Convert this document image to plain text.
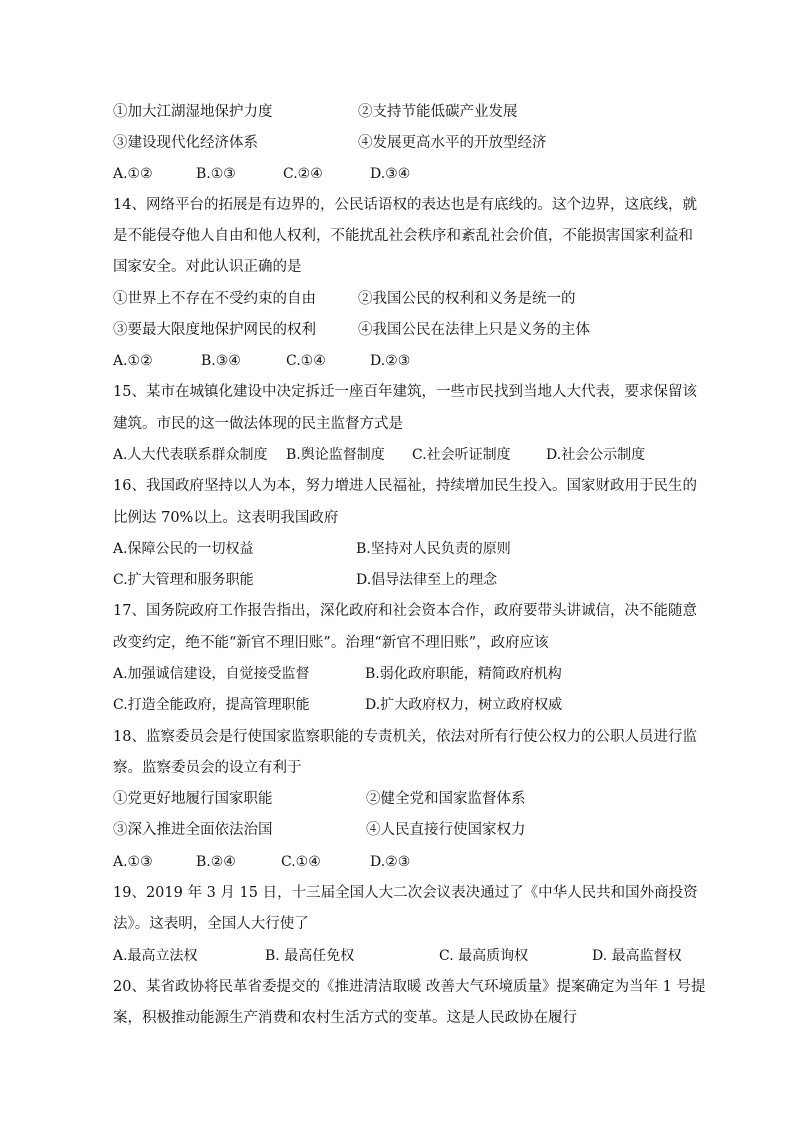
①加大江湖湿地保护力度	②支持节能低碳产业发展
③建设现代化经济体系	④发展更高水平的开放型经济
A.①②	B.①③	C.②④	D.③④
14、网络平台的拓展是有边界的，公民话语权的表达也是有底线的。这个边界，这底线，就
是不能侵夺他人自由和他人权利，不能扰乱社会秩序和紊乱社会价值，不能损害国家利益和
国家安全。对此认识正确的是
①世界上不存在不受约束的自由	②我国公民的权利和义务是统一的
③要最大限度地保护网民的权利	④我国公民在法律上只是义务的主体
A.①②	B.③④	C.①④	D.②③
15、某市在城镇化建设中决定拆迁一座百年建筑，一些市民找到当地人大代表，要求保留该
建筑。市民的这一做法体现的民主监督方式是
A.人大代表联系群众制度 B.舆论监督制度 C.社会听证制度	D.社会公示制度
16、我国政府坚持以人为本，努力增进人民福祉，持续增加民生投入。国家财政用于民生的
比例达 70%以上。这表明我国政府
A.保障公民的一切权益	B.坚持对人民负责的原则
C.扩大管理和服务职能	D.倡导法律至上的理念
17、国务院政府工作报告指出，深化政府和社会资本合作，政府要带头讲诚信，决不能随意
改变约定，绝不能“新官不理旧账”。治理“新官不理旧账”，政府应该
A.加强诚信建设，自觉接受监督	B.弱化政府职能，精简政府机构
C.打造全能政府，提高管理职能	D.扩大政府权力，树立政府权威
18、监察委员会是行使国家监察职能的专责机关，依法对所有行使公权力的公职人员进行监
察。监察委员会的设立有利于
①党更好地履行国家职能	②健全党和国家监督体系
③深入推进全面依法治国	④人民直接行使国家权力
A.①③	B.②④	C.①④	D.②③
19、2019 年 3 月 15 日，十三届全国人大二次会议表决通过了《中华人民共和国外商投资
法》。这表明，全国人大行使了
A.最高立法权	B. 最高任免权	C. 最高质询权	D. 最高监督权
20、某省政协将民革省委提交的《推进清洁取暖 改善大气环境质量》提案确定为当年 1 号提
案，积极推动能源生产消费和农村生活方式的变革。这是人民政协在履行
